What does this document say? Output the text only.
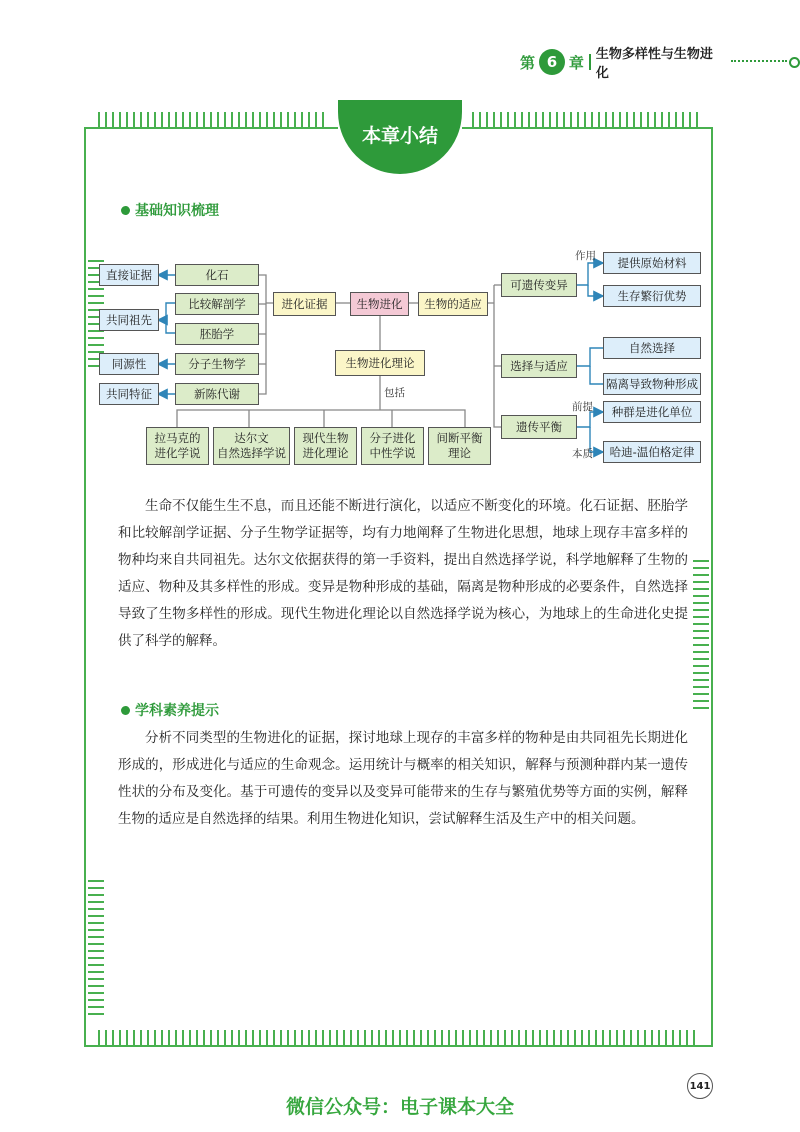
第 6 章 生物多样性与生物进化
本章小结
基础知识梳理
直接证据
共同祖先
同源性
共同特征
化石
比较解剖学
胚胎学
分子生物学
新陈代谢
进化证据	生物进化	生物的适应
生物进化理论
包括
拉马克的
进化学说
达尔文
自然选择学说
现代生物
进化理论
分子进化
中性学说
间断平衡
理论
可遗传变异
选择与适应
遗传平衡
提供原始材料
生存繁衍优势
自然选择
隔离导致物种形成
种群是进化单位
哈迪-温伯格定律
作用
前提
本质

生命不仅能生生不息，而且还能不断进行演化，以适应不断变化的环境。化石证据、胚胎学和比较解剖学证据、分子生物学证据等，均有力地阐释了生物进化思想，地球上现存丰富多样的物种均来自共同祖先。达尔文依据获得的第一手资料，提出自然选择学说，科学地解释了生物的适应、物种及其多样性的形成。变异是物种形成的基础，隔离是物种形成的必要条件，自然选择导致了生物多样性的形成。现代生物进化理论以自然选择学说为核心，为地球上的生命进化史提供了科学的解释。

学科素养提示

分析不同类型的生物进化的证据，探讨地球上现存的丰富多样的物种是由共同祖先长期进化形成的，形成进化与适应的生命观念。运用统计与概率的相关知识，解释与预测种群内某一遗传性状的分布及变化。基于可遗传的变异以及变异可能带来的生存与繁殖优势等方面的实例，解释生物的适应是自然选择的结果。利用生物进化知识，尝试解释生活及生产中的相关问题。

141
微信公众号：电子课本大全
